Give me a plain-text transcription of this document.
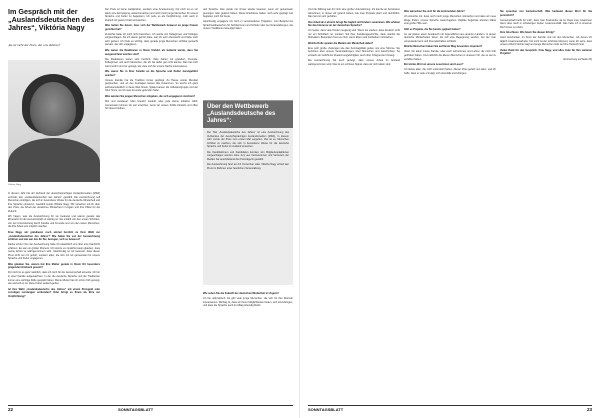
Im Gespräch mit der „Auslandsdeutschen des Jahres“, Viktória Nagy
„Es ist nicht der Preis, der uns definiert“
Viktória Nagy

In diesem Jahr hat der Verband der deutschsprachigen Auslandsmedien (MDA) erstmals den „Auslandsdeutschen des Jahres“ gewählt. Die Auszeichnung soll Menschen würdigen, die sich in besonderer Weise für die deutsche Minderheit und ihre Sprache einsetzen. Gewählt wurde Viktória Nagy. Wir sprachen mit ihr über den Preis, die Arbeit der deutschen Minderheit in Ungarn und ihre Pläne für die Zukunft.

Wir fragen, was die Auszeichnung für sie bedeutet und warum gerade das Ehrenamt für die Gemeinschaft so wichtig ist. Sie erzählt von den ersten Schritten, von der Unterstützung durch Familie und Freunde und von den vielen Menschen, die ihre Arbeit erst möglich machen.

Frau Nagy, wir gratulieren noch einmal herzlich zu Ihrer Wahl zur „Auslandsdeutschen des Jahres“! Wie haben Sie von der Auszeichnung erfahren und wie war das für Sie, bezogen, sich so bewusst?

Danke schön! Von der Auszeichnung habe ich tatsächlich erst über eine Nachricht erfahren. Es war ein großer Moment. Ich konnte es zunächst kaum glauben, dass meine Arbeit so wahrgenommen wird. Gleichzeitig ist mir bewusst, dass dieser Preis nicht nur mir gehört, sondern allen, die sich mit mir gemeinsam für unsere Sprache und Kultur engagieren.

Was glauben Sie, warum hat Ihre Mutter gerade in Ihrem Ort besonders prägenden Eindruck gesetzt?

Für mich ist es ganz natürlich, dass ich mich für die Gemeinschaft einsetze. Ich bin in einer Familie aufgewachsen, in der die deutsche Sprache und die Traditionen immer eine wichtige Rolle gespielt haben. Meine Mutter hat mir schon früh gezeigt, wie wertvoll es ist, diese Kultur weiterzugeben.

Ist Ihre Wahl „Auslandsdeutsche des Jahres“ mit einem Preisgeld oder sonstigen Leistungen verbunden? Oder bringt es Ihnen als Ehre zur Verpflichtung?

Der Preis ist keine Geldprämie, sondern eine Anerkennung. Für mich ist es vor allem eine Ermutigung, weiterzumachen und noch mehr junge Menschen für unsere Sprache und Kultur zu begeistern. Ich sehe es als Verpflichtung, mich auch in Zukunft mit ganzer Kraft einzusetzen.

Was hatten Sie davon, dass sich der Wettbewerb bewusst an junge Frauen gerichtet hat?

Zunächst hatte ich mich nicht beworben. Ich wurde von Kolleginnen und Kollegen vorgeschlagen. Als ich davon gehört habe, war ich sehr überrascht und habe mich sehr gefreut. Ich finde es wichtig, dass gerade junge Menschen sichtbar gemacht werden, die sich engagieren.

Wie waren die Reaktionen in Ihrem Umfeld, als bekannt wurde, dass Sie ausgezeichnet worden sind?

Die Reaktionen waren sehr herzlich. Viele haben mir gratuliert, Freunde, Kolleginnen und auch Menschen, die ich bis dahin gar nicht kannte. Das hat mich sehr berührt und mir gezeigt, wie viele sich für unsere Sache interessieren.

Wie waren Sie in Ihrer Familie an die Sprache und Kultur herangeführt worden?

Unsere Familie hat die Tradition immer gepflegt. Zu Hause wurde Mundart gesprochen, und an den Festtagen kamen alle zusammen. So wuchs ich ganz selbstverständlich in diese Welt hinein. Später kamen die Volkstanzgruppe und der Chor hinzu, wo ich viele Freunde gefunden habe.

Was würden Sie jungen Menschen mitgeben, die sich engagieren möchten?

Mut und Ausdauer. Man braucht Geduld, aber jede kleine Initiative zählt. Gemeinsam können wir viel erreichen, wenn wir unsere Kräfte bündeln und offen für Neues bleiben.

und Sprache. Das wurde mir immer wieder bewusst, wenn wir gemeinsam gesungen oder getanzt haben. Diese Erlebnisse haben mich sehr geprägt und begleiten mich bis heute.

Gleichzeitig engagiere ich mich in verschiedenen Projekten, zum Beispiel bei Sprachwettbewerben für Schülerinnen und Schüler oder bei Veranstaltungen, die unsere Traditionen lebendig halten.

Über den Wettbewerb „Auslandsdeutsche des Jahres“:

Der Titel „Auslandsdeutsche des Jahres“ ist eine Auszeichnung des Verbandes der deutschsprachigen Auslandsmedien (MDA). In diesem Jahr wurde der Preis zum ersten Mal vergeben. Ziel ist es, Menschen sichtbar zu machen, die sich in besonderer Weise für die deutsche Sprache und Kultur im Ausland einsetzen.

Die Kandidatinnen und Kandidaten konnten von Mitgliedsredaktionen vorgeschlagen werden. Eine Jury aus Vertreterinnen und Vertretern der Medien hat anschließend die Preisträgerin gewählt.

Die Auszeichnung fand am 15. Dezember statt. Viktória Nagy erhielt den Preis im Rahmen einer feierlichen Veranstaltung.

Wie sehen Sie die Zukunft der deutschen Minderheit in Ungarn?

Ich bin optimistisch. Es gibt viele junge Menschen, die sich für ihre Wurzeln interessieren. Wichtig ist, dass wir ihnen Möglichkeiten bieten, sich einzubringen, und dass die Sprache auch im Alltag lebendig bleibt.

22	SONNTAGSBLATT

Und die Stiftung war für mich eine große Unterstützung. Ich konnte an Seminaren teilnehmen, in denen wir gelernt haben, wie man Projekte plant und durchführt. Das hat mir sehr geholfen.

Ihre Arbeit als Lehrerin bringt Sie täglich mit Kindern zusammen. Wie erleben Sie das Interesse an der deutschen Sprache?

Ich merke, dass viele Kinder neugierig sind. Wenn sie erleben, dass Deutsch nicht nur ein Schulfach ist, sondern Teil ihrer Familiengeschichte, dann wächst die Motivation. Besonders freut es mich, wenn Eltern und Großeltern mitmachen.

Welche Rolle spielen die Medien der Minderheit dabei?

Eine sehr große. Zeitungen wie das Sonntagsblatt geben uns eine Stimme. Sie berichten über unsere Veranstaltungen, über Menschen und Geschichten. So entsteht ein Gefühl der Zusammengehörigkeit, auch über Ortsgrenzen hinweg.

Die Auszeichnung hat auch gezeigt, dass unsere Arbeit im Ausland wahrgenommen wird. Das ist ein schönes Signal, dass wir nicht allein sind.

Was wünschen Sie sich für die kommenden Jahre?

Ich wünsche mir, dass noch mehr junge Menschen mitmachen und dass wir neue Wege finden, unsere Sprache weiterzugeben. Digitale Angebote könnten dabei eine große Hilfe sein.

Gibt es Projekte, die Sie bereits geplant haben?

Ja, wir planen einen Austausch mit Jugendlichen aus anderen Ländern, in denen deutsche Minderheiten leben. Es soll eine Begegnung werden, bei der man voneinander lernt und Freundschaften schließt.

Welche Menschen haben Sie auf Ihrem Weg besonders inspiriert?

Viele! Vor allem meine Familie, aber auch Lehrerinnen und Lehrer, die mich früh gefördert haben. Und natürlich die älteren Menschen in unserem Ort, die so viel zu erzählen haben.

Ein letztes Wort an unsere Leserinnen und Leser?

Ich danke allen, die mich unterstützt haben. Dieser Preis gehört uns allen, und ich hoffe, dass er viele ermutigt, sich ebenfalls einzubringen.

Sie sprechen von Gemeinschaft. Was bedeutet dieses Wort für Sie persönlich?

Gemeinschaft heißt für mich, dass man füreinander da ist. Dass man zusammen feiert, aber auch in schwierigen Zeiten zusammenhält. Das habe ich in unserem Dorf immer so erlebt.

Zum Abschluss: Wie feiern Sie diesen Erfolg?

Ganz bescheiden, im Kreis der Familie und mit den Menschen, mit denen ich täglich zusammenarbeite. Für mich ist der schönste Moment, wenn ich sehe, dass unsere Arbeit Früchte trägt und junge Menschen stolz auf ihre Herkunft sind.

Vielen Dank für das Gespräch, Frau Nagy, und alles Gute für Ihre weiteren Projekte!

(Fortsetzung auf Seite 23)

SONNTAGSBLATT	23
